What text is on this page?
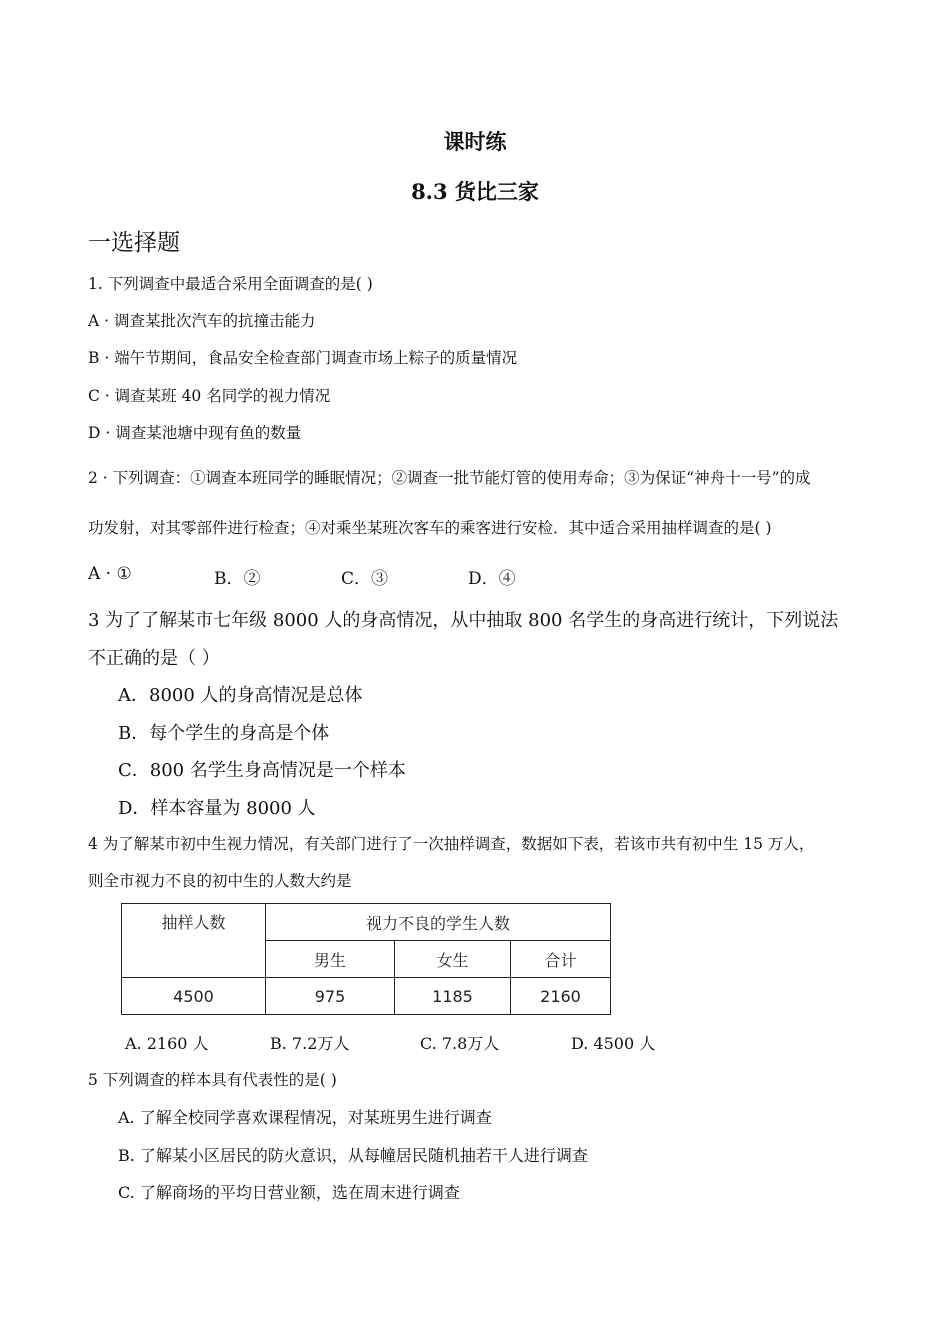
课时练
8.3 货比三家
一选择题
1. 下列调查中最适合采用全面调查的是( )
A · 调查某批次汽车的抗撞击能力
B · 端午节期间，食品安全检查部门调查市场上粽子的质量情况
C · 调查某班 40 名同学的视力情况
D · 调查某池塘中现有鱼的数量
2 · 下列调查：①调查本班同学的睡眠情况；②调查一批节能灯管的使用寿命；③为保证“神舟十一号”的成
功发射，对其零部件进行检查；④对乘坐某班次客车的乘客进行安检．其中适合采用抽样调查的是( )
A · ①	B．②	C．③	D．④
3 为了了解某市七年级 8000 人的身高情况，从中抽取 800 名学生的身高进行统计，下列说法
不正确的是（ ）
A．8000 人的身高情况是总体
B．每个学生的身高是个体
C．800 名学生身高情况是一个样本
D．样本容量为 8000 人
4 为了解某市初中生视力情况，有关部门进行了一次抽样调查，数据如下表，若该市共有初中生 15 万人，
则全市视力不良的初中生的人数大约是
抽样人数	视力不良的学生人数		
	男生	女生	合计
4500	975	1185	2160
A. 2160 人	B. 7.2万人	C. 7.8万人	D. 4500 人
5 下列调查的样本具有代表性的是( )
A. 了解全校同学喜欢课程情况，对某班男生进行调查
B. 了解某小区居民的防火意识，从每幢居民随机抽若干人进行调查
C. 了解商场的平均日营业额，选在周末进行调查
